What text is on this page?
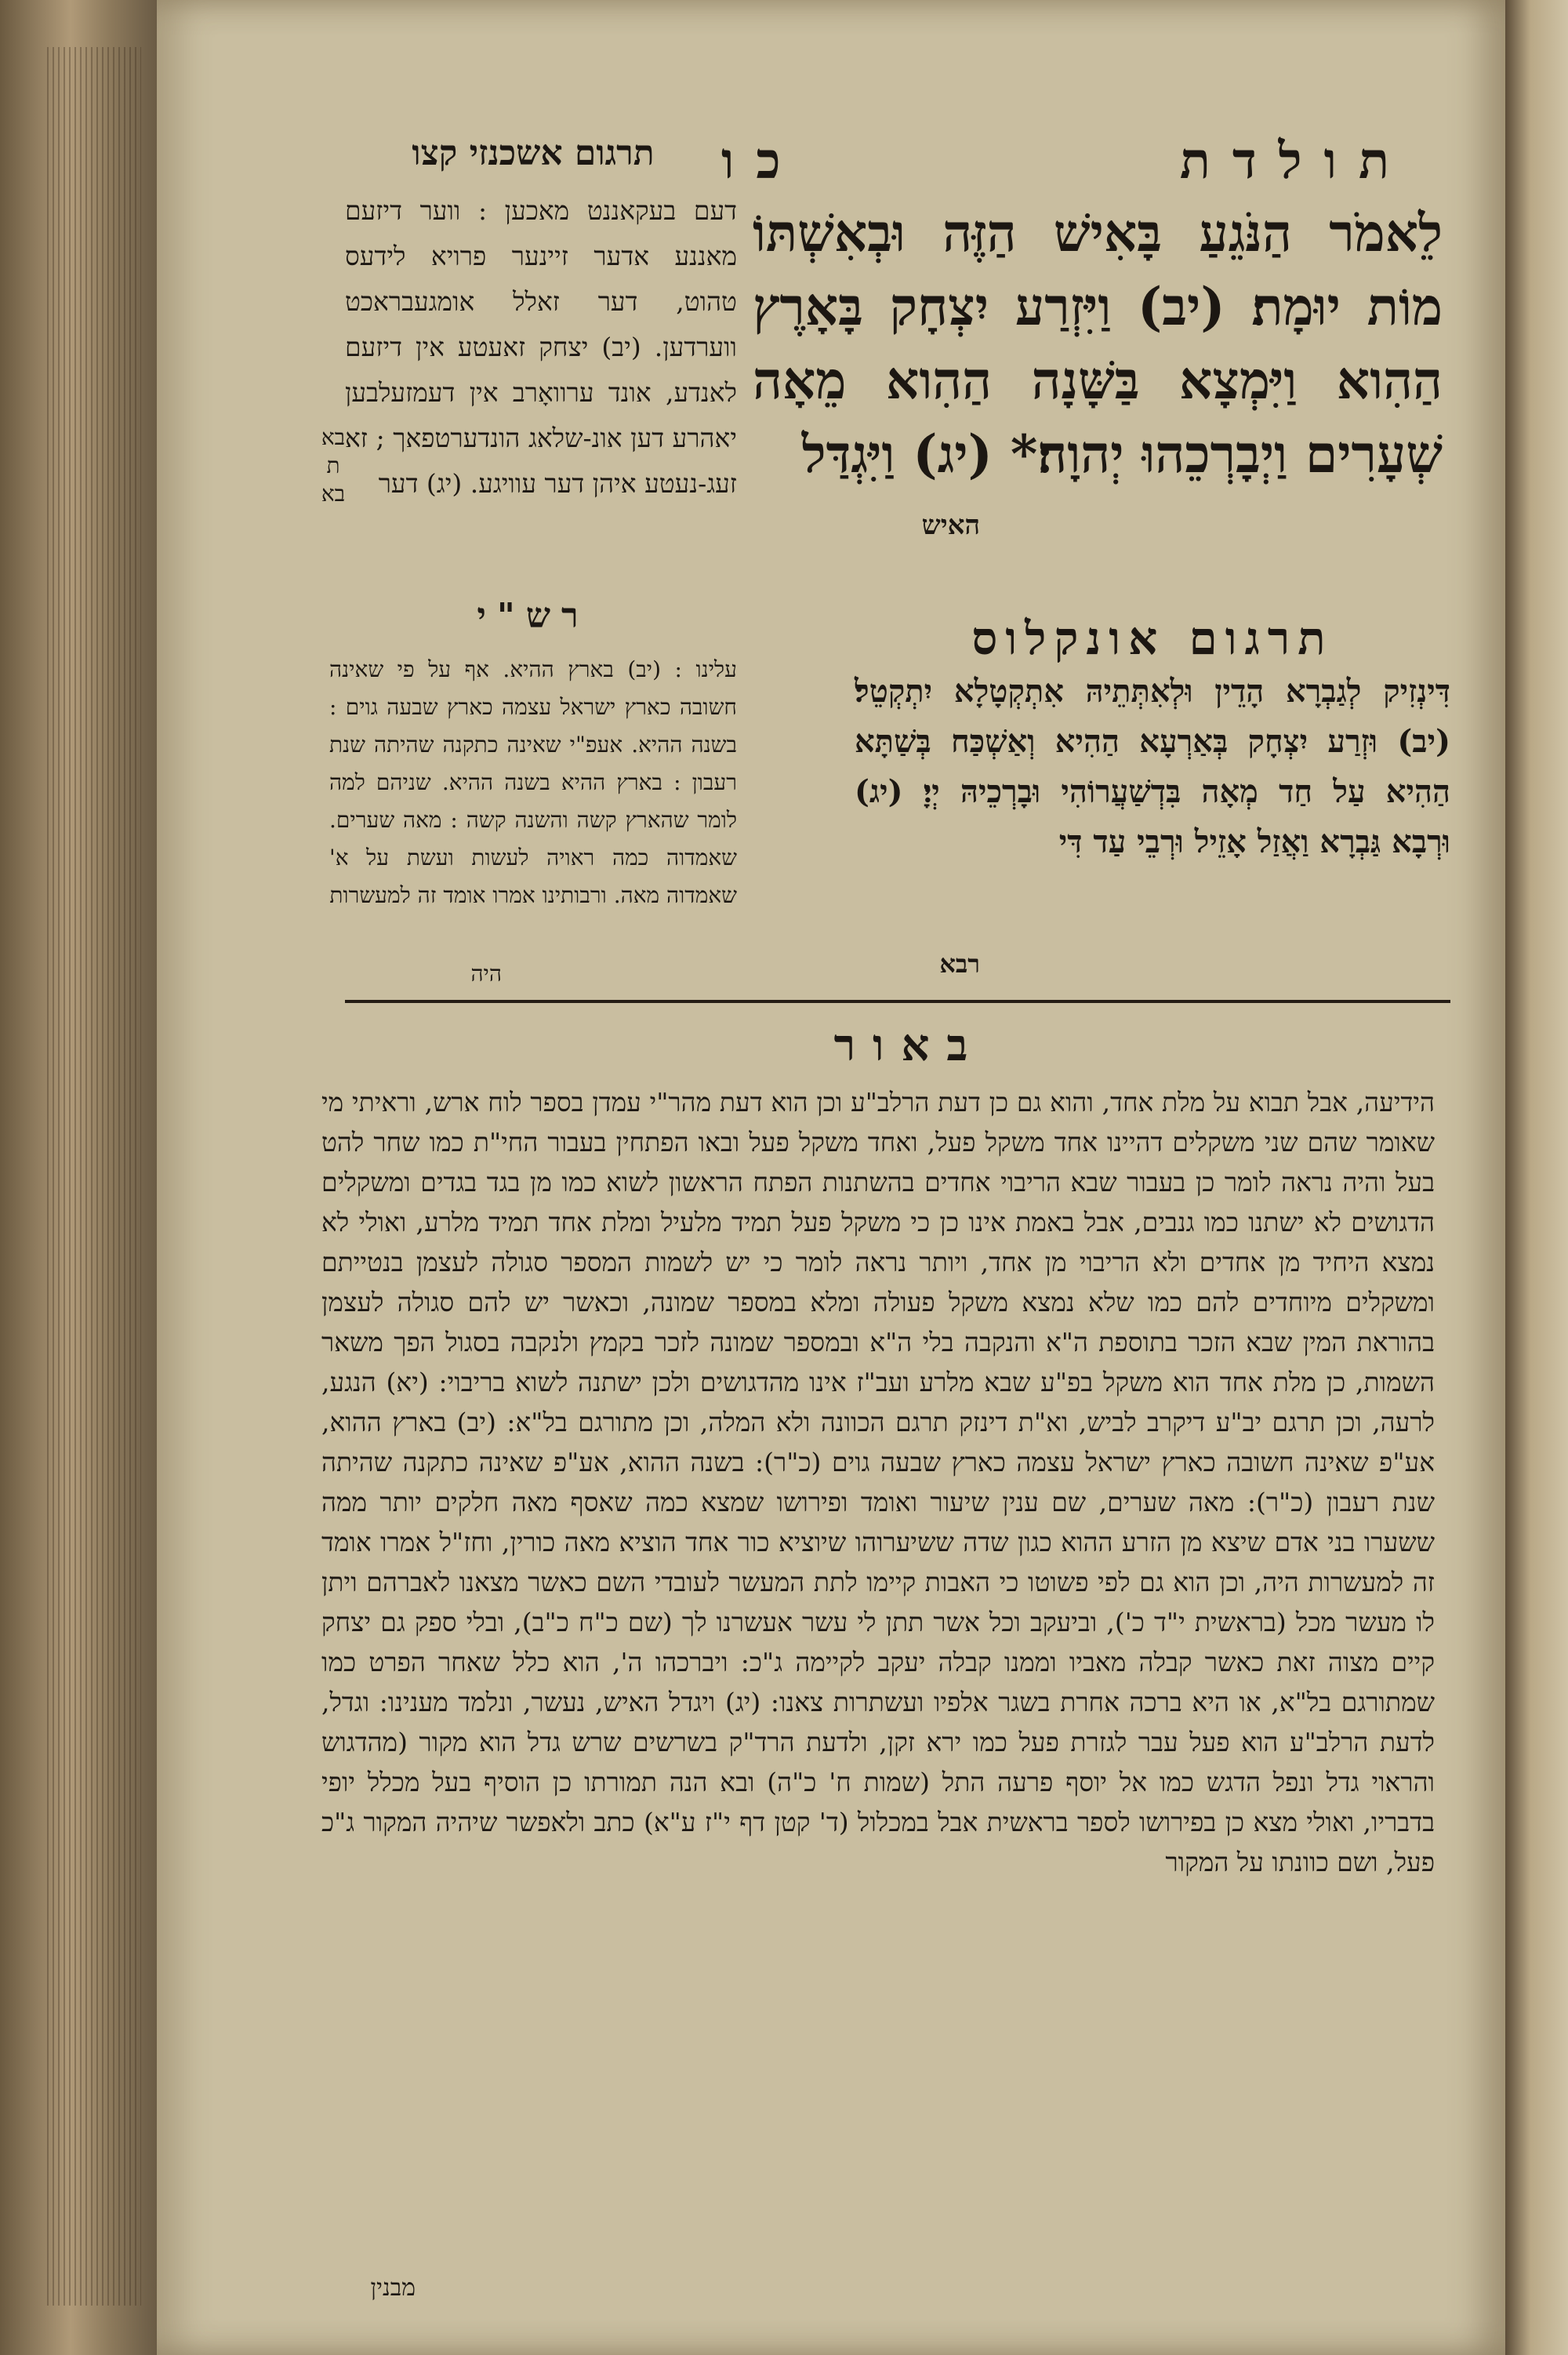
תולדת
כו
לֵאמֹר הַנֹּגֵעַ בָּאִישׁ הַזֶּה וּבְאִשְׁתּוֹ מוֹת יוּמָת׃ (יב) וַיִּזְרַע יִצְחָק בָּאָרֶץ הַהִוא וַיִּמְצָא בַּשָּׁנָה הַהִוא מֵאָה שְׁעָרִים וַיְבָרְכֵהוּ יְהוָה׃* (יג) וַיִּגְדַּל
האיש
תרגום אשכנזי קצו
דעם בעקאננט מאכען : ווער דיזעם מאננע אדער זיינער פרויא לידעס טהוט, דער זאלל אומגעבראכט ווערדען. (יב) יצחק זאעטע אין דיזעם לאנדע, אונד ערוואָרב אין דעמזעלבען יאהרע דען אונ-שלאג הונדערטפאך ; זא זעג-נעטע איהן דער עוויגע. (יג) דער
בא ת בא
רש"י
עלינו : (יב) בארץ ההיא. אף על פי שאינה חשובה כארץ ישראל עצמה כארץ שבעה גוים : בשנה ההיא. אעפ"י שאינה כתקנה שהיתה שנת רעבון : בארץ ההיא בשנה ההיא. שניהם למה לומר שהארץ קשה והשנה קשה : מאה שערים. שאמדוה כמה ראויה לעשות ועשת על א' שאמדוה מאה. ורבותינו אמרו אומד זה למעשרות
היה
תרגום אונקלוס
דִּינְזִיק לְגַבְרָא הָדֵין וּלְאִתְּתֵיהּ אִתְקְטָלָא יִתְקְטֵל׃ (יב) וּזְרַע יִצְחָק בְּאַרְעָא הַהִיא וְאַשְׁכַּח בְּשַׁתָּא הַהִיא עַל חַד מְאָה בִּדְשַׁעֲרוֹהִי וּבָרְכֵיהּ יְיָ׃ (יג) וּרְבָא גַּבְרָא וַאֲזַל אָזֵיל וּרְבֵי עַד דִּי
רבא
באור
הידיעה, אבל תבוא על מלת אחד, והוא גם כן דעת הרלב"ע וכן הוא דעת מהר"י עמדן בספר לוח ארש, וראיתי מי שאומר שהם שני משקלים דהיינו אחד משקל פעל, ואחד משקל פעל ובאו הפתחין בעבור החי"ת כמו שחר להט בעל והיה נראה לומר כן בעבור שבא הריבוי אחדים בהשתנות הפתח הראשון לשוא כמו מן בגד בגדים ומשקלים הדגושים לא ישתנו כמו גנבים, אבל באמת אינו כן כי משקל פעל תמיד מלעיל ומלת אחד תמיד מלרע, ואולי לא נמצא היחיד מן אחדים ולא הריבוי מן אחד, ויותר נראה לומר כי יש לשמות המספר סגולה לעצמן בנטייתם ומשקלים מיוחדים להם כמו שלא נמצא משקל פעולה ומלא במספר שמונה, וכאשר יש להם סגולה לעצמן בהוראת המין שבא הזכר בתוספת ה"א והנקבה בלי ה"א ובמספר שמונה לזכר בקמץ ולנקבה בסגול הפך משאר השמות, כן מלת אחד הוא משקל בפ"ע שבא מלרע ועב"ז אינו מהדגושים ולכן ישתנה לשוא בריבוי: (יא) הנגע, לרעה, וכן תרגם יב"ע דיקרב לביש, וא"ת דינזק תרגם הכוונה ולא המלה, וכן מתורגם בל"א: (יב) בארץ ההוא, אע"פ שאינה חשובה כארץ ישראל עצמה כארץ שבעה גוים (כ"ר): בשנה ההוא, אע"פ שאינה כתקנה שהיתה שנת רעבון (כ"ר): מאה שערים, שם ענין שיעור ואומד ופירושו שמצא כמה שאסף מאה חלקים יותר ממה ששערו בני אדם שיצא מן הזרע ההוא כגון שדה ששיערוהו שיוציא כור אחד הוציא מאה כורין, וחז"ל אמרו אומד זה למעשרות היה, וכן הוא גם לפי פשוטו כי האבות קיימו לתת המעשר לעובדי השם כאשר מצאנו לאברהם ויתן לו מעשר מכל (בראשית י"ד כ'), וביעקב וכל אשר תתן לי עשר אעשרנו לך (שם כ"ח כ"ב), ובלי ספק גם יצחק קיים מצוה זאת כאשר קבלה מאביו וממנו קבלה יעקב לקיימה ג"כ: ויברכהו ה', הוא כלל שאחר הפרט כמו שמתורגם בל"א, או היא ברכה אחרת בשגר אלפיו ועשתרות צאנו: (יג) ויגדל האיש, נעשר, ונלמד מענינו: וגדל, לדעת הרלב"ע הוא פעל עבר לגזרת פעל כמו ירא זקן, ולדעת הרד"ק בשרשים שרש גדל הוא מקור (מהדגוש והראוי גדל ונפל הדגש כמו אל יוסף פרעה התל (שמות ח' כ"ה) ובא הנה תמורתו כן הוסיף בעל מכלל יופי בדבריו, ואולי מצא כן בפירושו לספר בראשית אבל במכלול (ד' קטן דף י"ז ע"א) כתב ולאפשר שיהיה המקור ג"כ פעל, ושם כוונתו על המקור
מבנין
